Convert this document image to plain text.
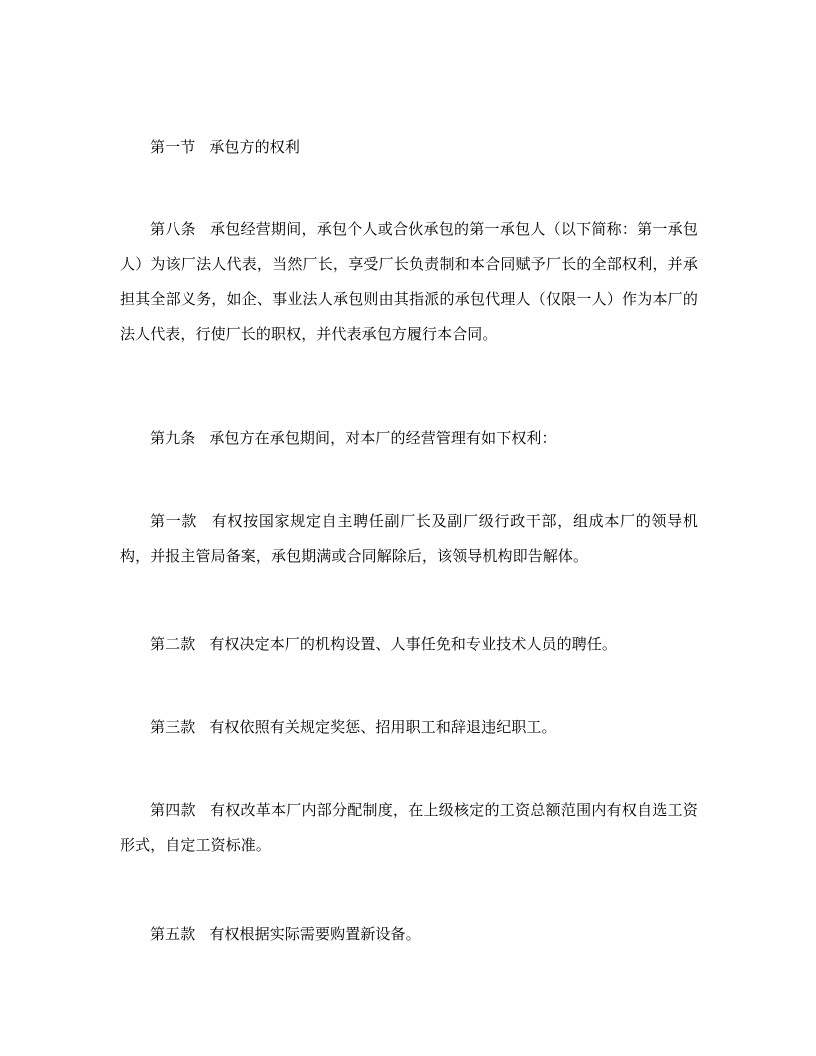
第一节 承包方的权利

第八条 承包经营期间，承包个人或合伙承包的第一承包人（以下简称：第一承包人）为该厂法人代表，当然厂长，享受厂长负责制和本合同赋予厂长的全部权利，并承担其全部义务，如企、事业法人承包则由其指派的承包代理人（仅限一人）作为本厂的法人代表，行使厂长的职权，并代表承包方履行本合同。

第九条 承包方在承包期间，对本厂的经营管理有如下权利：

第一款 有权按国家规定自主聘任副厂长及副厂级行政干部，组成本厂的领导机构，并报主管局备案，承包期满或合同解除后，该领导机构即告解体。

第二款 有权决定本厂的机构设置、人事任免和专业技术人员的聘任。

第三款 有权依照有关规定奖惩、招用职工和辞退违纪职工。

第四款 有权改革本厂内部分配制度，在上级核定的工资总额范围内有权自选工资形式，自定工资标准。

第五款 有权根据实际需要购置新设备。
